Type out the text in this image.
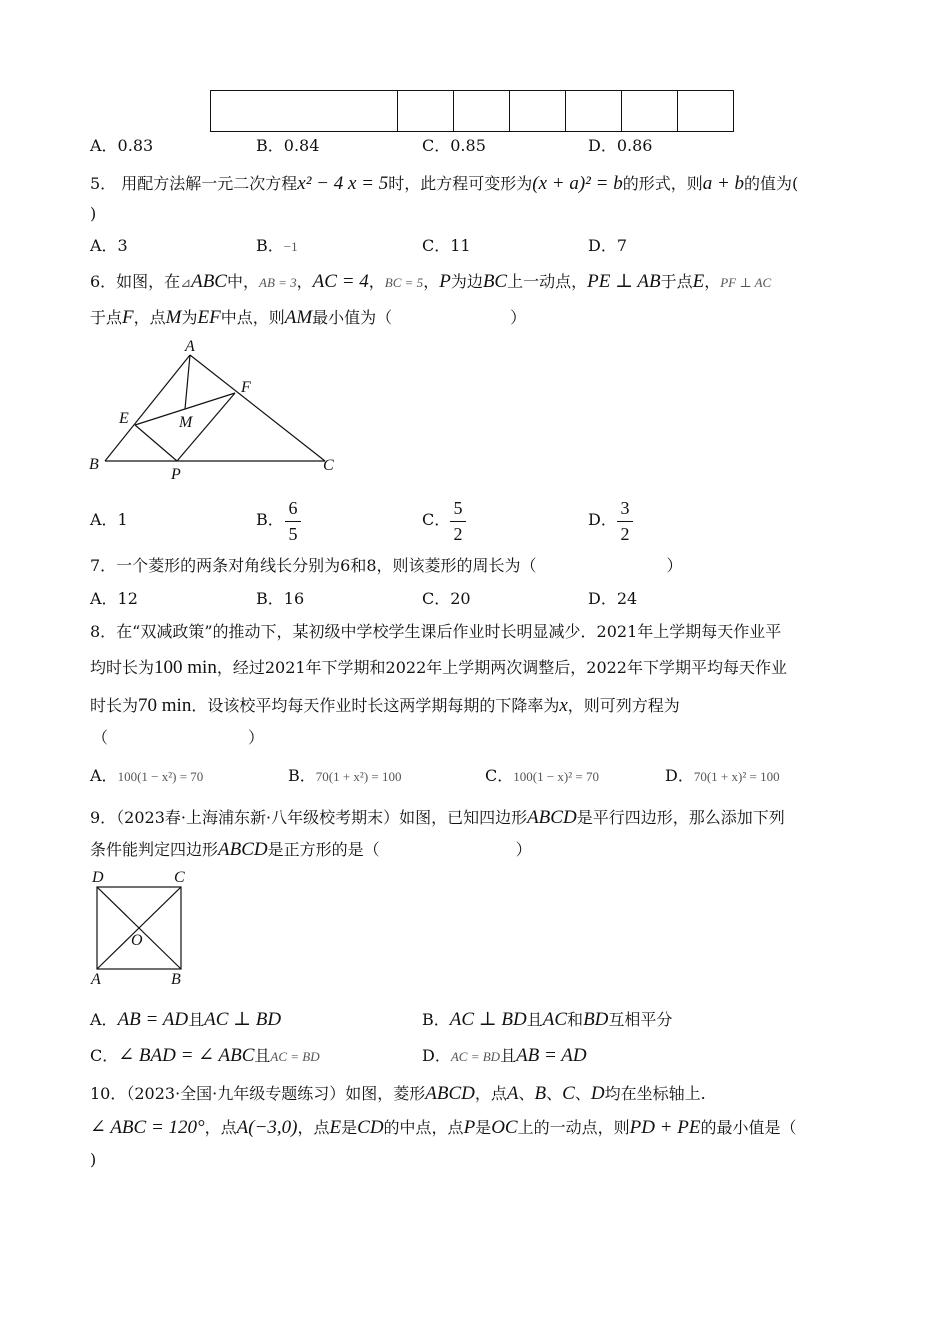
A．0.83	B．0.84	C．0.85	D．0.86
5． 用配方法解一元二次方程x² − 4 x = 5时，此方程可变形为(x + a)² = b的形式，则a + b的值为(
)
A．3	B．−1	C．11	D．7
6．如图，在⊿ABC中，AB = 3，AC = 4，BC = 5，P为边BC上一动点，PE ⊥ AB于点E，PF ⊥ AC
于点F，点M为EF中点，则AM最小值为（	）
A
B	C
E
F
M
P
A．1	B．
6
5
C．
5
2
D．
3
2
7．一个菱形的两条对角线长分别为6和8，则该菱形的周长为（	）
A．12	B．16	C．20	D．24
8．在“双减政策”的推动下，某初级中学校学生课后作业时长明显减少．2021年上学期每天作业平
均时长为100 min，经过2021年下学期和2022年上学期两次调整后，2022年下学期平均每天作业
时长为70 min．设该校平均每天作业时长这两学期每期的下降率为x，则可列方程为
（	）
A．100(1 − x²) = 70	B．70(1 + x²) = 100	C．100(1 − x)² = 70	D．70(1 + x)² = 100
9．（2023春·上海浦东新·八年级校考期末）如图，已知四边形ABCD是平行四边形，那么添加下列
条件能判定四边形ABCD是正方形的是（	）
D	C
O
A	B
A．AB = AD且AC ⊥ BD	B．AC ⊥ BD且AC和BD互相平分
C．∠ BAD = ∠ ABC且AC = BD	D．AC = BD且AB = AD
10．（2023·全国·九年级专题练习）如图，菱形ABCD，点A、B、C、D均在坐标轴上.
∠ ABC = 120°，点A(−3,0)，点E是CD的中点，点P是OC上的一动点，则PD + PE的最小值是（
)
